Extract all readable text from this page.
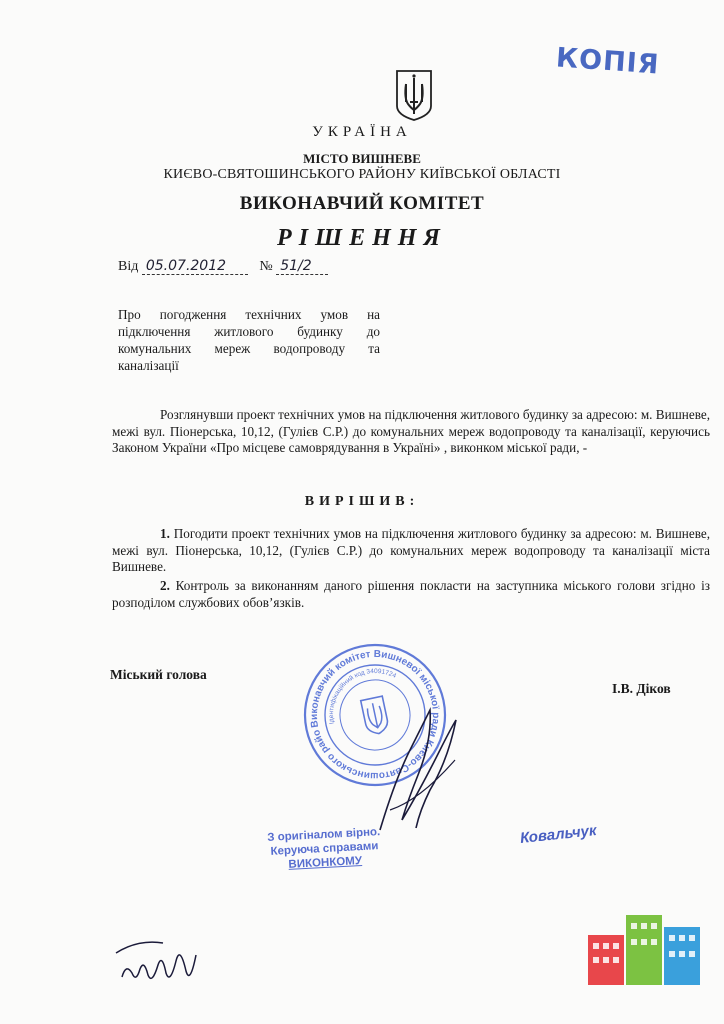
УКРАЇНА
МІСТО ВИШНЕВЕ
КИЄВО-СВЯТОШИНСЬКОГО РАЙОНУ КИЇВСЬКОЇ ОБЛАСТІ
ВИКОНАВЧИЙ КОМІТЕТ
РІШЕННЯ
Від 05.07.2012 № 51/2
Про погодження технічних умов на підключення житлового будинку до комунальних мереж водопроводу та каналізації
Розглянувши проект технічних умов на підключення житлового будинку за адресою: м. Вишневе, межі вул. Піонерська, 10,12, (Гулієв С.Р.) до комунальних мереж водопроводу та каналізації, керуючись Законом України «Про місцеве самоврядування в Україні» , виконком міської ради, -
ВИРІШИВ:
1. Погодити проект технічних умов на підключення житлового будинку за адресою: м. Вишневе, межі вул. Піонерська, 10,12, (Гулієв С.Р.) до комунальних мереж водопроводу та каналізації міста Вишневе.
2. Контроль за виконанням даного рішення покласти на заступника міського голови згідно із розподілом службових обов’язків.
Міський голова
І.В. Діков
КОПІЯ
Виконавчий комітет Вишневої міської ради Києво-Святошинського району
Ідентифікаційний код 34091724
З оригіналом вірно.
Керуюча справами
ВИКОНКОМУ
Ковальчук
